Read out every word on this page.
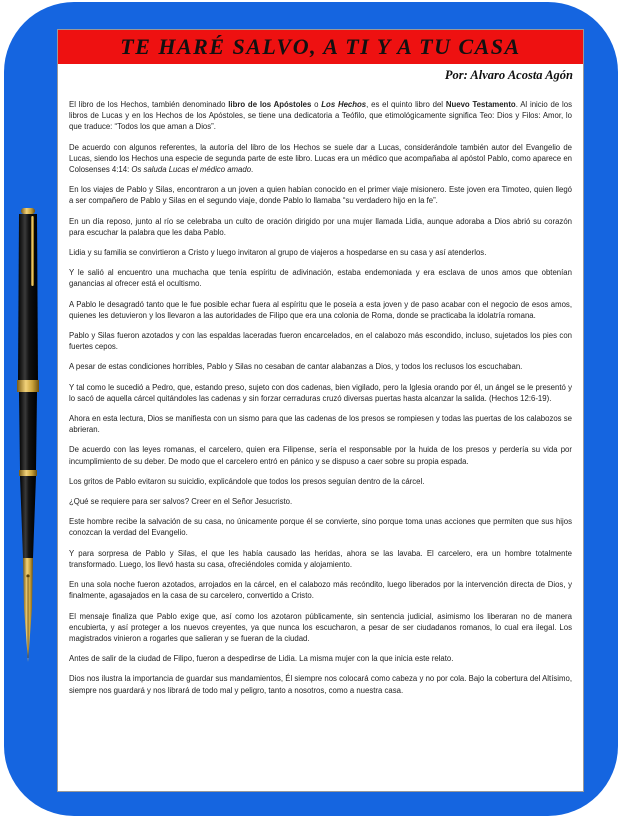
TE HARÉ SALVO, A TI Y A TU CASA
Por: Alvaro Acosta Agón

El libro de los Hechos, también denominado libro de los Apóstoles o Los Hechos, es el quinto libro del Nuevo Testamento. Al inicio de los libros de Lucas y en los Hechos de los Apóstoles, se tiene una dedicatoria a Teófilo, que etimológicamente significa Teo: Dios y Filos: Amor, lo que traduce: “Todos los que aman a Dios”.

De acuerdo con algunos referentes, la autoría del libro de los Hechos se suele dar a Lucas, considerándole también autor del Evangelio de Lucas, siendo los Hechos una especie de segunda parte de este libro. Lucas era un médico que acompañaba al apóstol Pablo, como aparece en Colosenses 4:14: Os saluda Lucas el médico amado.

En los viajes de Pablo y Silas, encontraron a un joven a quien habían conocido en el primer viaje misionero. Este joven era Timoteo, quien llegó a ser compañero de Pablo y Silas en el segundo viaje, donde Pablo lo llamaba “su verdadero hijo en la fe”.

En un día reposo, junto al río se celebraba un culto de oración dirigido por una mujer llamada Lidia, aunque adoraba a Dios abrió su corazón para escuchar la palabra que les daba Pablo.

Lidia y su familia se convirtieron a Cristo y luego invitaron al grupo de viajeros a hospedarse en su casa y así atenderlos.

Y le salió al encuentro una muchacha que tenía espíritu de adivinación, estaba endemoniada y era esclava de unos amos que obtenían ganancias al ofrecer está el ocultismo.

A Pablo le desagradó tanto que le fue posible echar fuera al espíritu que le poseía a esta joven y de paso acabar con el negocio de esos amos, quienes les detuvieron y los llevaron a las autoridades de Filipo que era una colonia de Roma, donde se practicaba la idolatría romana.

Pablo y Silas fueron azotados y con las espaldas laceradas fueron encarcelados, en el calabozo más escondido, incluso, sujetados los pies con fuertes cepos.

A pesar de estas condiciones horribles, Pablo y Silas no cesaban de cantar alabanzas a Dios, y todos los reclusos los escuchaban.

Y tal como le sucedió a Pedro, que, estando preso, sujeto con dos cadenas, bien vigilado, pero la Iglesia orando por él, un ángel se le presentó y lo sacó de aquella cárcel quitándoles las cadenas y sin forzar cerraduras cruzó diversas puertas hasta alcanzar la salida. (Hechos 12:6-19).

Ahora en esta lectura, Dios se manifiesta con un sismo para que las cadenas de los presos se rompiesen y todas las puertas de los calabozos se abrieran.

De acuerdo con las leyes romanas, el carcelero, quien era Filipense, sería el responsable por la huida de los presos y perdería su vida por incumplimiento de su deber. De modo que el carcelero entró en pánico y se dispuso a caer sobre su propia espada.

Los gritos de Pablo evitaron su suicidio, explicándole que todos los presos seguían dentro de la cárcel.

¿Qué se requiere para ser salvos? Creer en el Señor Jesucristo.

Este hombre recibe la salvación de su casa, no únicamente porque él se convierte, sino porque toma unas acciones que permiten que sus hijos conozcan la verdad del Evangelio.

Y para sorpresa de Pablo y Silas, el que les había causado las heridas, ahora se las lavaba. El carcelero, era un hombre totalmente transformado. Luego, los llevó hasta su casa, ofreciéndoles comida y alojamiento.

En una sola noche fueron azotados, arrojados en la cárcel, en el calabozo más recóndito, luego liberados por la intervención directa de Dios, y finalmente, agasajados en la casa de su carcelero, convertido a Cristo.

El mensaje finaliza que Pablo exige que, así como los azotaron públicamente, sin sentencia judicial, asimismo los liberaran no de manera encubierta, y así proteger a los nuevos creyentes, ya que nunca los escucharon, a pesar de ser ciudadanos romanos, lo cual era ilegal. Los magistrados vinieron a rogarles que salieran y se fueran de la ciudad.

Antes de salir de la ciudad de Filipo, fueron a despedirse de Lidia. La misma mujer con la que inicia este relato.

Dios nos ilustra la importancia de guardar sus mandamientos, Él siempre nos colocará como cabeza y no por cola. Bajo la cobertura del Altísimo, siempre nos guardará y nos librará de todo mal y peligro, tanto a nosotros, como a nuestra casa.
